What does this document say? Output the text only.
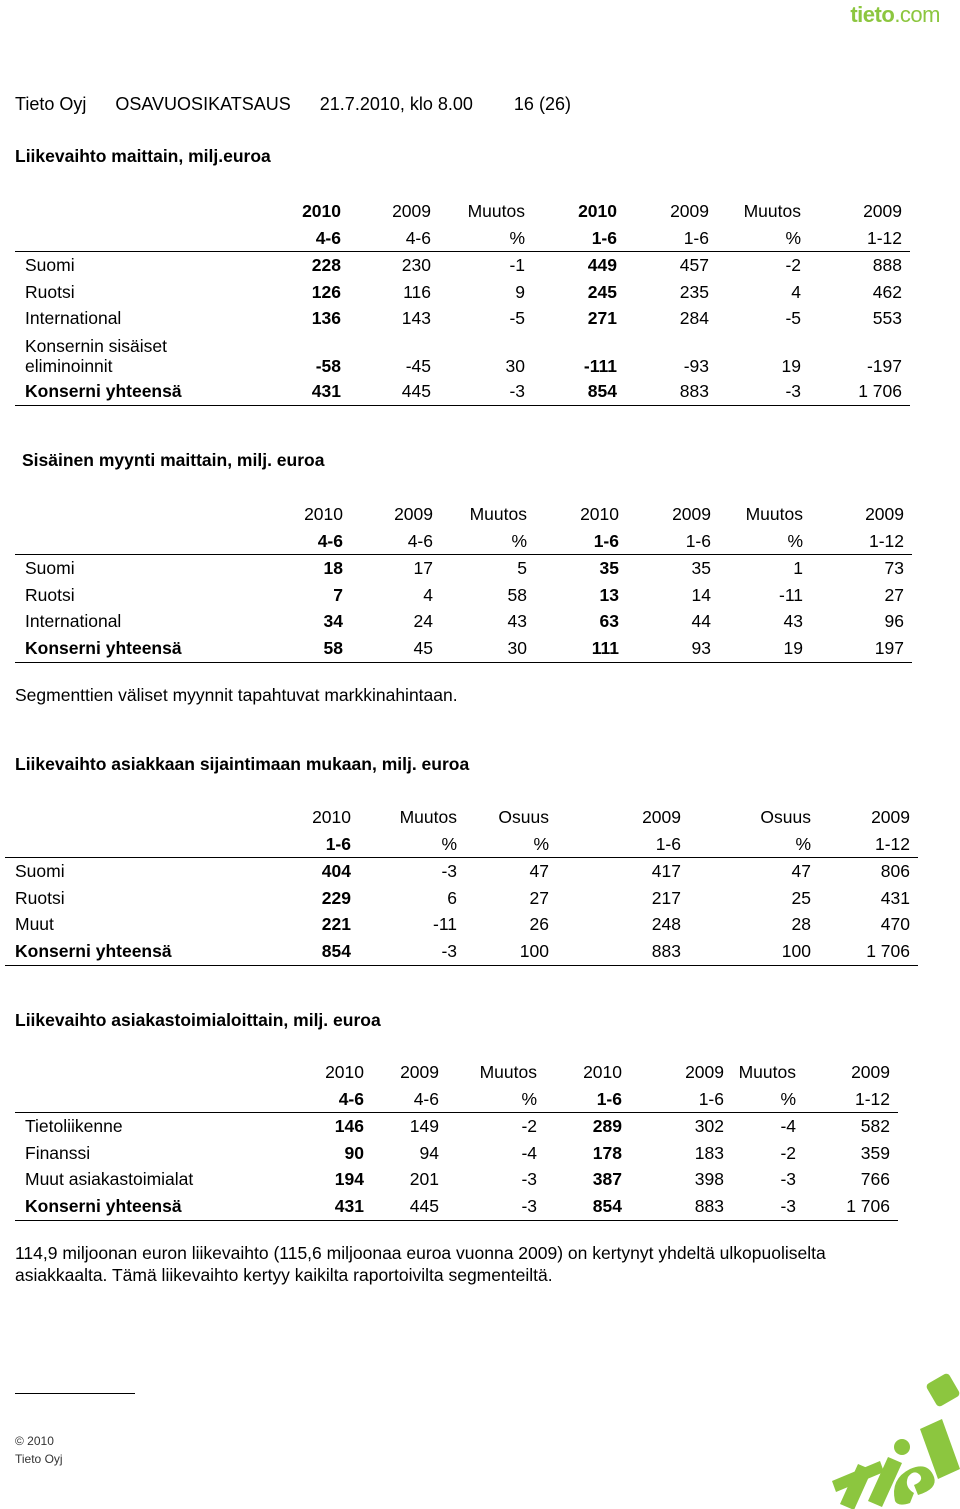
tieto.com
Tieto Oyj OSAVUOSIKATSAUS 21.7.2010, klo 8.00 16 (26)
Liikevaihto maittain, milj.euroa
	2010	2009	Muutos	2010	2009	Muutos	2009
	4-6	4-6	%	1-6	1-6	%	1-12
Suomi	228	230	-1	449	457	-2	888
Ruotsi	126	116	9	245	235	4	462
International	136	143	-5	271	284	-5	553
Konsernin sisäiset
eliminoinnit	-58	-45	30	-111	-93	19	-197
Konserni yhteensä	431	445	-3	854	883	-3	1 706
Sisäinen myynti maittain, milj. euroa
	2010	2009	Muutos	2010	2009	Muutos	2009
	4-6	4-6	%	1-6	1-6	%	1-12
Suomi	18	17	5	35	35	1	73
Ruotsi	7	4	58	13	14	-11	27
International	34	24	43	63	44	43	96
Konserni yhteensä	58	45	30	111	93	19	197
Segmenttien väliset myynnit tapahtuvat markkinahintaan.
Liikevaihto asiakkaan sijaintimaan mukaan, milj. euroa
	2010	Muutos	Osuus	2009	Osuus	2009
	1-6	%	%	1-6	%	1-12
Suomi	404	-3	47	417	47	806
Ruotsi	229	6	27	217	25	431
Muut	221	-11	26	248	28	470
Konserni yhteensä	854	-3	100	883	100	1 706
Liikevaihto asiakastoimialoittain, milj. euroa
	2010	2009	Muutos	2010	2009	Muutos	2009
	4-6	4-6	%	1-6	1-6	%	1-12
Tietoliikenne	146	149	-2	289	302	-4	582
Finanssi	90	94	-4	178	183	-2	359
Muut asiakastoimialat	194	201	-3	387	398	-3	766
Konserni yhteensä	431	445	-3	854	883	-3	1 706
114,9 miljoonan euron liikevaihto (115,6 miljoonaa euroa vuonna 2009) on kertynyt yhdeltä ulkopuoliselta asiakkaalta. Tämä liikevaihto kertyy kaikilta raportoivilta segmenteiltä.
© 2010
Tieto Oyj
